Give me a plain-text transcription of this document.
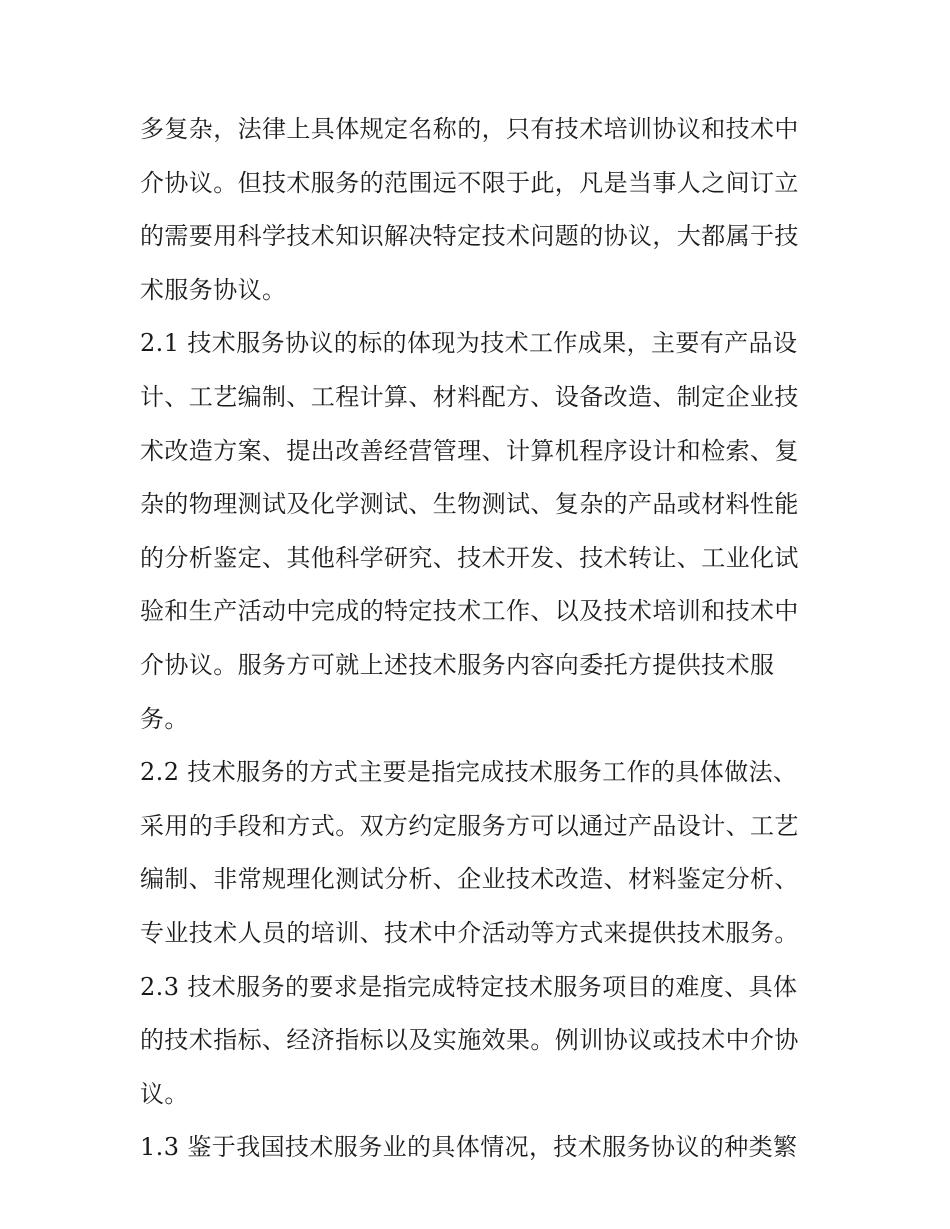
多复杂，法律上具体规定名称的，只有技术培训协议和技术中
介协议。但技术服务的范围远不限于此，凡是当事人之间订立
的需要用科学技术知识解决特定技术问题的协议，大都属于技
术服务协议。
2.1 技术服务协议的标的体现为技术工作成果，主要有产品设
计、工艺编制、工程计算、材料配方、设备改造、制定企业技
术改造方案、提出改善经营管理、计算机程序设计和检索、复
杂的物理测试及化学测试、生物测试、复杂的产品或材料性能
的分析鉴定、其他科学研究、技术开发、技术转让、工业化试
验和生产活动中完成的特定技术工作、以及技术培训和技术中
介协议。服务方可就上述技术服务内容向委托方提供技术服
务。
2.2 技术服务的方式主要是指完成技术服务工作的具体做法、
采用的手段和方式。双方约定服务方可以通过产品设计、工艺
编制、非常规理化测试分析、企业技术改造、材料鉴定分析、
专业技术人员的培训、技术中介活动等方式来提供技术服务。
2.3 技术服务的要求是指完成特定技术服务项目的难度、具体
的技术指标、经济指标以及实施效果。例训协议或技术中介协
议。
1.3 鉴于我国技术服务业的具体情况，技术服务协议的种类繁
